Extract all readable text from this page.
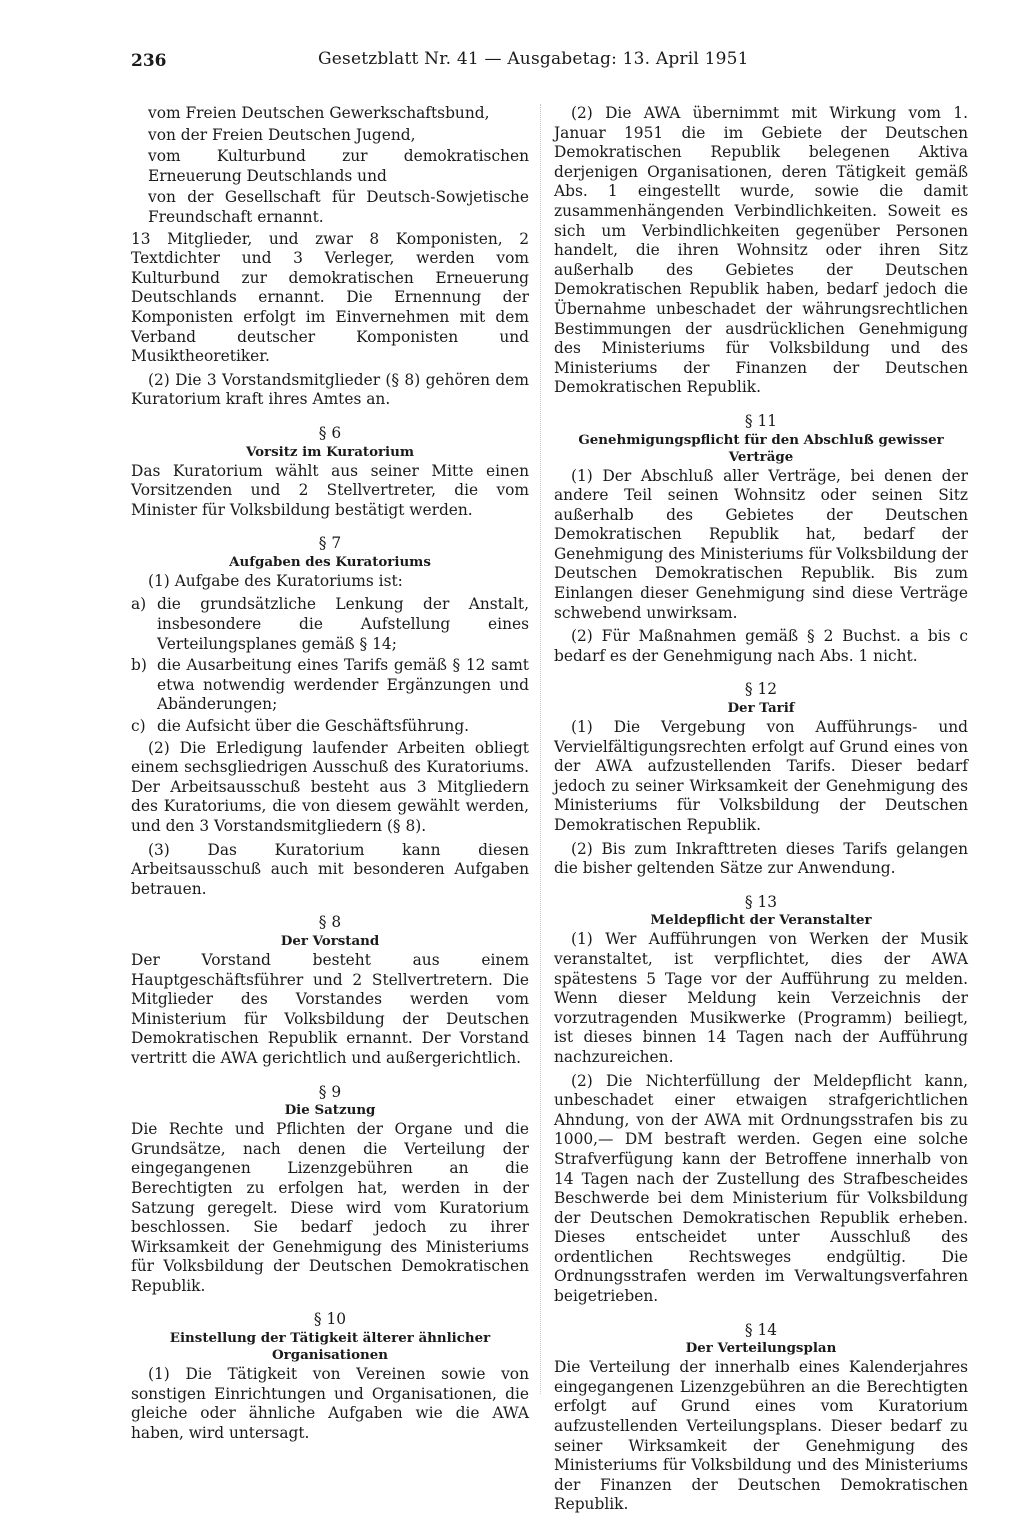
236	Gesetzblatt Nr. 41 — Ausgabetag: 13. April 1951

vom Freien Deutschen Gewerkschaftsbund,

von der Freien Deutschen Jugend,

vom Kulturbund zur demokratischen Erneuerung Deutschlands und

von der Gesellschaft für Deutsch-Sowjetische Freundschaft ernannt.

13 Mitglieder, und zwar 8 Komponisten, 2 Textdichter und 3 Verleger, werden vom Kulturbund zur demokratischen Erneuerung Deutschlands ernannt. Die Ernennung der Komponisten erfolgt im Einvernehmen mit dem Verband deutscher Komponisten und Musiktheoretiker.

(2) Die 3 Vorstandsmitglieder (§ 8) gehören dem Kuratorium kraft ihres Amtes an.

§ 6

Vorsitz im Kuratorium

Das Kuratorium wählt aus seiner Mitte einen Vorsitzenden und 2 Stellvertreter, die vom Minister für Volksbildung bestätigt werden.

§ 7

Aufgaben des Kuratoriums

(1) Aufgabe des Kuratoriums ist:

a) die grundsätzliche Lenkung der Anstalt, insbesondere die Aufstellung eines Verteilungsplanes gemäß § 14;
b) die Ausarbeitung eines Tarifs gemäß § 12 samt etwa notwendig werdender Ergänzungen und Abänderungen;
c) die Aufsicht über die Geschäftsführung.

(2) Die Erledigung laufender Arbeiten obliegt einem sechsgliedrigen Ausschuß des Kuratoriums. Der Arbeitsausschuß besteht aus 3 Mitgliedern des Kuratoriums, die von diesem gewählt werden, und den 3 Vorstandsmitgliedern (§ 8).

(3) Das Kuratorium kann diesen Arbeitsausschuß auch mit besonderen Aufgaben betrauen.

§ 8

Der Vorstand

Der Vorstand besteht aus einem Hauptgeschäftsführer und 2 Stellvertretern. Die Mitglieder des Vorstandes werden vom Ministerium für Volksbildung der Deutschen Demokratischen Republik ernannt. Der Vorstand vertritt die AWA gerichtlich und außergerichtlich.

§ 9

Die Satzung

Die Rechte und Pflichten der Organe und die Grundsätze, nach denen die Verteilung der eingegangenen Lizenzgebühren an die Berechtigten zu erfolgen hat, werden in der Satzung geregelt. Diese wird vom Kuratorium beschlossen. Sie bedarf jedoch zu ihrer Wirksamkeit der Genehmigung des Ministeriums für Volksbildung der Deutschen Demokratischen Republik.

§ 10

Einstellung der Tätigkeit älterer ähnlicher Organisationen

(1) Die Tätigkeit von Vereinen sowie von sonstigen Einrichtungen und Organisationen, die gleiche oder ähnliche Aufgaben wie die AWA haben, wird untersagt.

(2) Die AWA übernimmt mit Wirkung vom 1. Januar 1951 die im Gebiete der Deutschen Demokratischen Republik belegenen Aktiva derjenigen Organisationen, deren Tätigkeit gemäß Abs. 1 eingestellt wurde, sowie die damit zusammenhängenden Verbindlichkeiten. Soweit es sich um Verbindlichkeiten gegenüber Personen handelt, die ihren Wohnsitz oder ihren Sitz außerhalb des Gebietes der Deutschen Demokratischen Republik haben, bedarf jedoch die Übernahme unbeschadet der währungsrechtlichen Bestimmungen der ausdrücklichen Genehmigung des Ministeriums für Volksbildung und des Ministeriums der Finanzen der Deutschen Demokratischen Republik.

§ 11

Genehmigungspflicht für den Abschluß gewisser Verträge

(1) Der Abschluß aller Verträge, bei denen der andere Teil seinen Wohnsitz oder seinen Sitz außerhalb des Gebietes der Deutschen Demokratischen Republik hat, bedarf der Genehmigung des Ministeriums für Volksbildung der Deutschen Demokratischen Republik. Bis zum Einlangen dieser Genehmigung sind diese Verträge schwebend unwirksam.

(2) Für Maßnahmen gemäß § 2 Buchst. a bis c bedarf es der Genehmigung nach Abs. 1 nicht.

§ 12

Der Tarif

(1) Die Vergebung von Aufführungs- und Vervielfältigungsrechten erfolgt auf Grund eines von der AWA aufzustellenden Tarifs. Dieser bedarf jedoch zu seiner Wirksamkeit der Genehmigung des Ministeriums für Volksbildung der Deutschen Demokratischen Republik.

(2) Bis zum Inkrafttreten dieses Tarifs gelangen die bisher geltenden Sätze zur Anwendung.

§ 13

Meldepflicht der Veranstalter

(1) Wer Aufführungen von Werken der Musik veranstaltet, ist verpflichtet, dies der AWA spätestens 5 Tage vor der Aufführung zu melden. Wenn dieser Meldung kein Verzeichnis der vorzutragenden Musikwerke (Programm) beiliegt, ist dieses binnen 14 Tagen nach der Aufführung nachzureichen.

(2) Die Nichterfüllung der Meldepflicht kann, unbeschadet einer etwaigen strafgerichtlichen Ahndung, von der AWA mit Ordnungsstrafen bis zu 1000,— DM bestraft werden. Gegen eine solche Strafverfügung kann der Betroffene innerhalb von 14 Tagen nach der Zustellung des Strafbescheides Beschwerde bei dem Ministerium für Volksbildung der Deutschen Demokratischen Republik erheben. Dieses entscheidet unter Ausschluß des ordentlichen Rechtsweges endgültig. Die Ordnungsstrafen werden im Verwaltungsverfahren beigetrieben.

§ 14

Der Verteilungsplan

Die Verteilung der innerhalb eines Kalenderjahres eingegangenen Lizenzgebühren an die Berechtigten erfolgt auf Grund eines vom Kuratorium aufzustellenden Verteilungsplans. Dieser bedarf zu seiner Wirksamkeit der Genehmigung des Ministeriums für Volksbildung und des Ministeriums der Finanzen der Deutschen Demokratischen Republik.
